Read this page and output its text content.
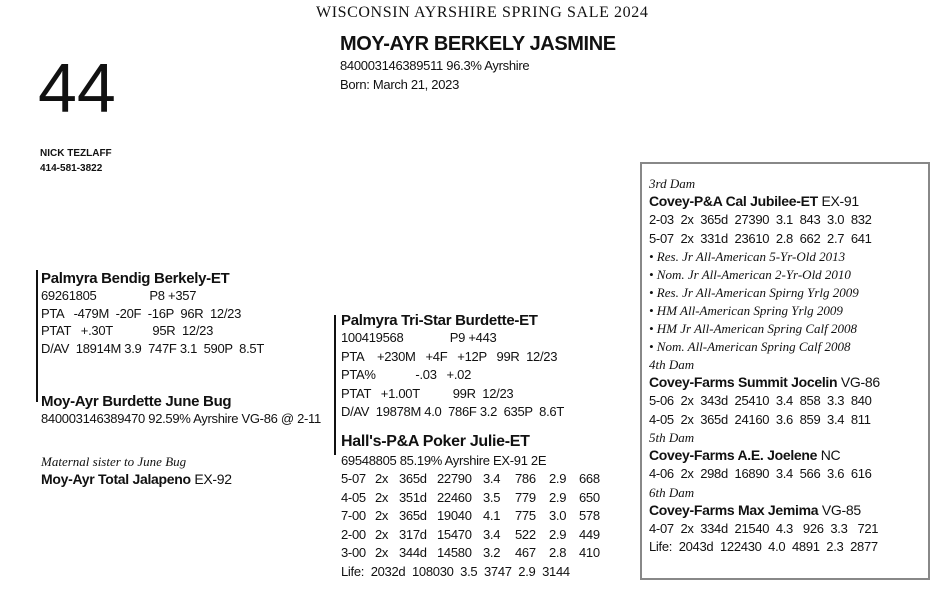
WISCONSIN AYRSHIRE SPRING SALE 2024
44
MOY-AYR BERKELY JASMINE
840003146389511 96.3% Ayrshire
Born: March 21, 2023
NICK TEZLAFF
414-581-3822
Palmyra Bendig Berkely-ET
69261805                P8 +357
PTA   -479M  -20F  -16P  96R  12/23
PTAT   +.30T            95R  12/23
D/AV  18914M 3.9  747F 3.1  590P  8.5T
Moy-Ayr Burdette June Bug
840003146389470 92.59% Ayrshire VG-86 @ 2-11
Maternal sister to June Bug
Moy-Ayr Total Jalapeno EX-92
Palmyra Tri-Star Burdette-ET
100419568              P9 +443
PTA    +230M   +4F   +12P   99R  12/23
PTA%            -.03   +.02
PTAT   +1.00T          99R  12/23
D/AV  19878M 4.0  786F 3.2  635P  8.6T
Hall's-P&A Poker Julie-ET
69548805 85.19% Ayrshire EX-91 2E
5-07 2x 365d 22790 3.4 786 2.9 668
4-05 2x 351d 22460 3.5 779 2.9 650
7-00 2x 365d 19040 4.1 775 3.0 578
2-00 2x 317d 15470 3.4 522 2.9 449
3-00 2x 344d 14580 3.2 467 2.8 410
Life:  2032d  108030  3.5  3747  2.9  3144
3rd Dam
Covey-P&A Cal Jubilee-ET EX-91
2-03  2x  365d  27390  3.1  843  3.0  832
5-07  2x  331d  23610  2.8  662  2.7  641
• Res. Jr All-American 5-Yr-Old 2013
• Nom. Jr All-American 2-Yr-Old 2010
• Res. Jr All-American Spirng Yrlg 2009
• HM All-American Spring Yrlg 2009
• HM Jr All-American Spring Calf 2008
• Nom. All-American Spring Calf 2008
4th Dam
Covey-Farms Summit Jocelin VG-86
5-06  2x  343d  25410  3.4  858  3.3  840
4-05  2x  365d  24160  3.6  859  3.4  811
5th Dam
Covey-Farms A.E. Joelene NC
4-06  2x  298d  16890  3.4  566  3.6  616
6th Dam
Covey-Farms Max Jemima VG-85
4-07  2x  334d  21540  4.3   926  3.3   721
Life:  2043d  122430  4.0  4891  2.3  2877
